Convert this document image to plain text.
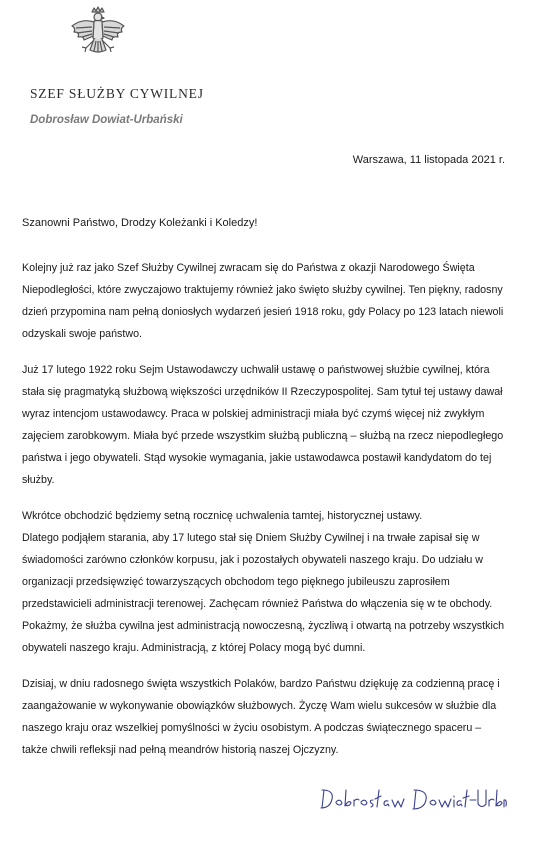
SZEF SŁUŻBY CYWILNEJ
Dobrosław Dowiat-Urbański
Warszawa, 11 listopada 2021 r.
Szanowni Państwo, Drodzy Koleżanki i Koledzy!

Kolejny już raz jako Szef Służby Cywilnej zwracam się do Państwa z okazji Narodowego Święta Niepodległości, które zwyczajowo traktujemy również jako święto służby cywilnej. Ten piękny, radosny dzień przypomina nam pełną doniosłych wydarzeń jesień 1918 roku, gdy Polacy po 123 latach niewoli odzyskali swoje państwo.

Już 17 lutego 1922 roku Sejm Ustawodawczy uchwalił ustawę o państwowej służbie cywilnej, która stała się pragmatyką służbową większości urzędników II Rzeczypospolitej. Sam tytuł tej ustawy dawał wyraz intencjom ustawodawcy. Praca w polskiej administracji miała być czymś więcej niż zwykłym zajęciem zarobkowym. Miała być przede wszystkim służbą publiczną – służbą na rzecz niepodległego państwa i jego obywateli. Stąd wysokie wymagania, jakie ustawodawca postawił kandydatom do tej służby.

Wkrótce obchodzić będziemy setną rocznicę uchwalenia tamtej, historycznej ustawy.

Dlatego podjąłem starania, aby 17 lutego stał się Dniem Służby Cywilnej i na trwałe zapisał się w świadomości zarówno członków korpusu, jak i pozostałych obywateli naszego kraju. Do udziału w organizacji przedsięwzięć towarzyszących obchodom tego pięknego jubileuszu zaprosiłem przedstawicieli administracji terenowej. Zachęcam również Państwa do włączenia się w te obchody. Pokażmy, że służba cywilna jest administracją nowoczesną, życzliwą i otwartą na potrzeby wszystkich obywateli naszego kraju. Administracją, z której Polacy mogą być dumni.

Dzisiaj, w dniu radosnego święta wszystkich Polaków, bardzo Państwu dziękuję za codzienną pracę i zaangażowanie w wykonywanie obowiązków służbowych. Życzę Wam wielu sukcesów w służbie dla naszego kraju oraz wszelkiej pomyślności w życiu osobistym. A podczas świątecznego spaceru – także chwili refleksji nad pełną meandrów historią naszej Ojczyzny.
